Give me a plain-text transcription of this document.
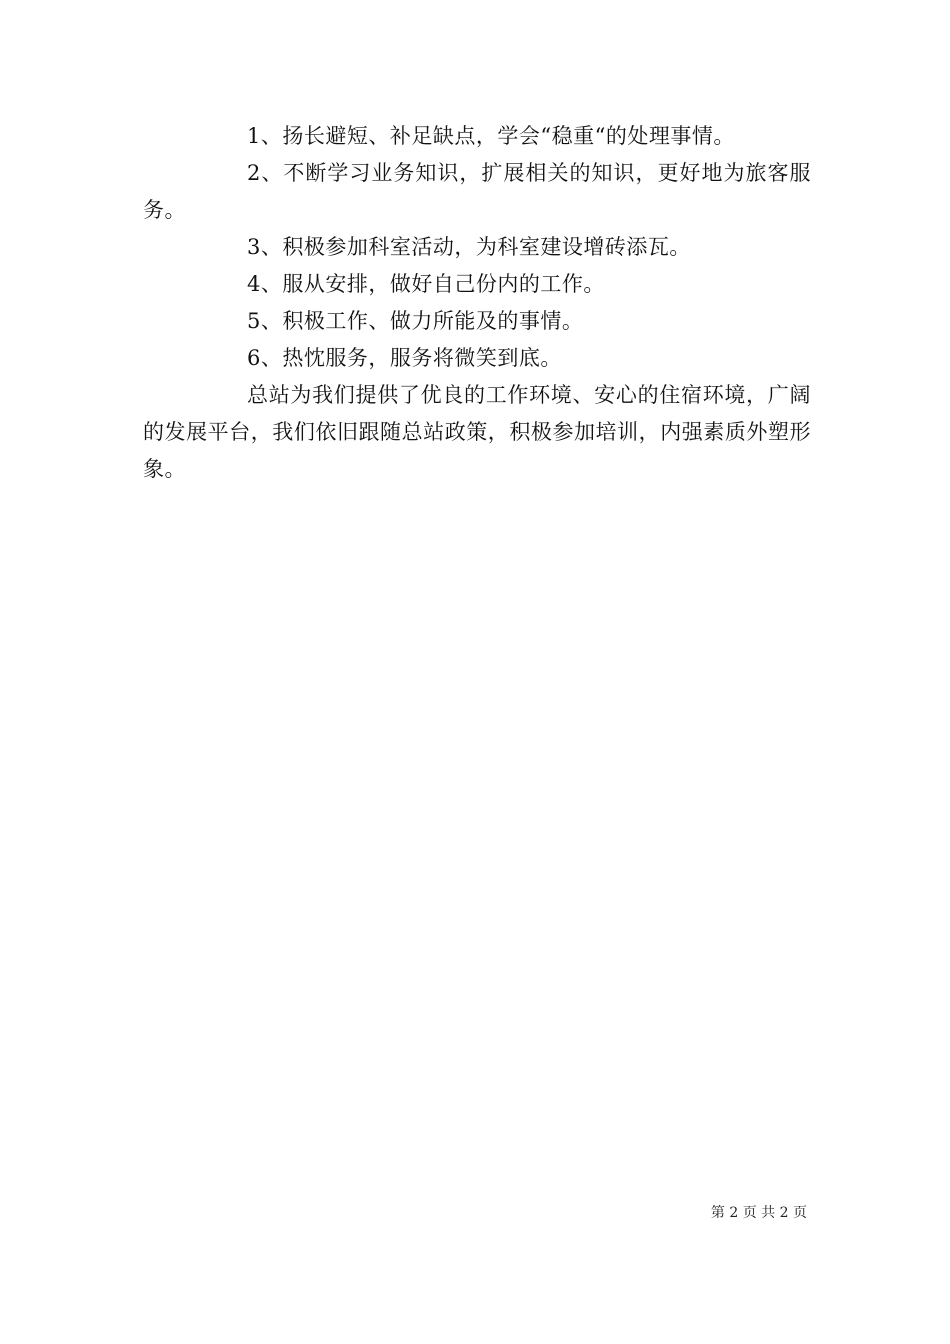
1、扬长避短、补足缺点，学会“稳重“的处理事情。

2、不断学习业务知识，扩展相关的知识，更好地为旅客服务。

3、积极参加科室活动，为科室建设增砖添瓦。

4、服从安排，做好自己份内的工作。

5、积极工作、做力所能及的事情。

6、热忱服务，服务将微笑到底。

总站为我们提供了优良的工作环境、安心的住宿环境，广阔的发展平台，我们依旧跟随总站政策，积极参加培训，内强素质外塑形象。

第 2 页 共 2 页
